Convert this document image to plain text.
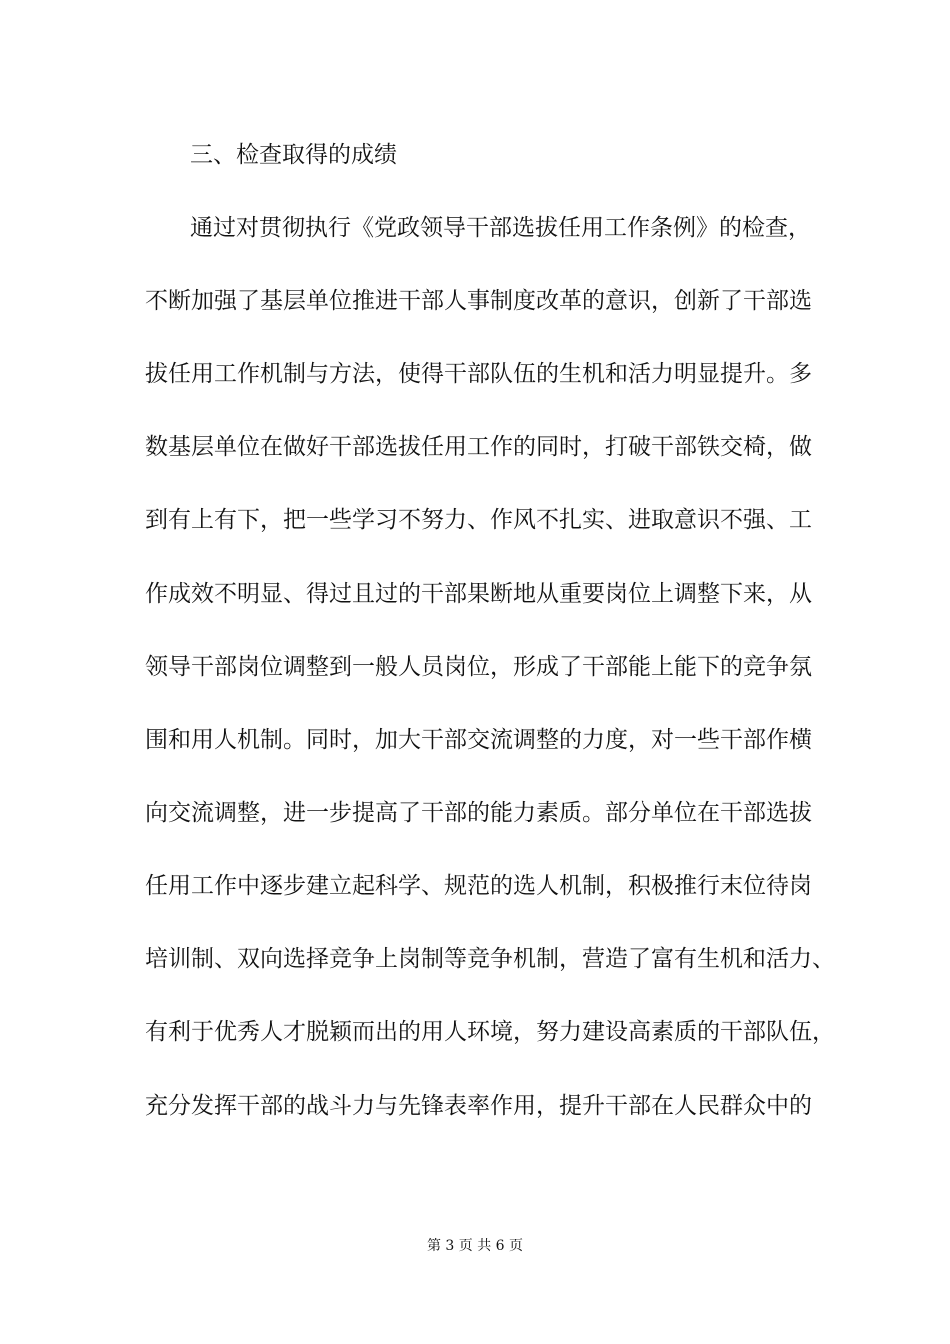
三、检查取得的成绩
通过对贯彻执行《党政领导干部选拔任用工作条例》的检查，
不断加强了基层单位推进干部人事制度改革的意识，创新了干部选
拔任用工作机制与方法，使得干部队伍的生机和活力明显提升。多
数基层单位在做好干部选拔任用工作的同时，打破干部铁交椅，做
到有上有下，把一些学习不努力、作风不扎实、进取意识不强、工
作成效不明显、得过且过的干部果断地从重要岗位上调整下来，从
领导干部岗位调整到一般人员岗位，形成了干部能上能下的竞争氛
围和用人机制。同时，加大干部交流调整的力度，对一些干部作横
向交流调整，进一步提高了干部的能力素质。部分单位在干部选拔
任用工作中逐步建立起科学、规范的选人机制，积极推行末位待岗
培训制、双向选择竞争上岗制等竞争机制，营造了富有生机和活力、
有利于优秀人才脱颖而出的用人环境，努力建设高素质的干部队伍，
充分发挥干部的战斗力与先锋表率作用，提升干部在人民群众中的
第 3 页 共 6 页
